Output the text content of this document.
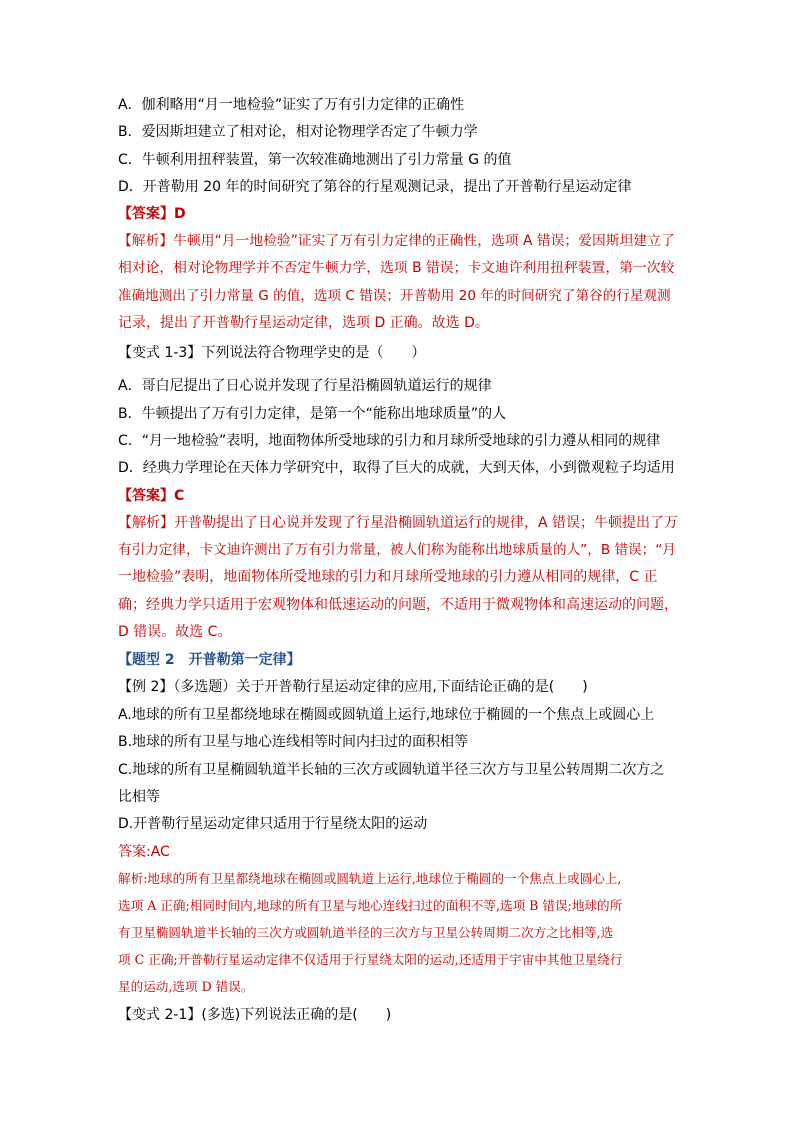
A．伽利略用“月一地检验”证实了万有引力定律的正确性
B．爱因斯坦建立了相对论，相对论物理学否定了牛顿力学
C．牛顿利用扭秤装置，第一次较准确地测出了引力常量 G 的值
D．开普勒用 20 年的时间研究了第谷的行星观测记录，提出了开普勒行星运动定律
【答案】D
【解析】牛顿用“月一地检验”证实了万有引力定律的正确性，选项 A 错误；爱因斯坦建立了
相对论，相对论物理学并不否定牛顿力学，选项 B 错误；卡文迪许利用扭秤装置，第一次较
准确地测出了引力常量 G 的值，选项 C 错误；开普勒用 20 年的时间研究了第谷的行星观测
记录，提出了开普勒行星运动定律，选项 D 正确。故选 D。
【变式 1-3】下列说法符合物理学史的是（　　）
A．哥白尼提出了日心说并发现了行星沿椭圆轨道运行的规律
B．牛顿提出了万有引力定律，是第一个“能称出地球质量”的人
C．“月一地检验”表明，地面物体所受地球的引力和月球所受地球的引力遵从相同的规律
D．经典力学理论在天体力学研究中，取得了巨大的成就，大到天体，小到微观粒子均适用
【答案】C
【解析】开普勒提出了日心说并发现了行星沿椭圆轨道运行的规律，A 错误；牛顿提出了万
有引力定律，卡文迪许测出了万有引力常量，被人们称为能称出地球质量的人”，B 错误；“月
一地检验”表明，地面物体所受地球的引力和月球所受地球的引力遵从相同的规律，C 正
确；经典力学只适用于宏观物体和低速运动的问题，不适用于微观物体和高速运动的问题，
D 错误。故选 C。
【题型 2　开普勒第一定律】
【例 2】（多选题）关于开普勒行星运动定律的应用,下面结论正确的是(　　)
A.地球的所有卫星都绕地球在椭圆或圆轨道上运行,地球位于椭圆的一个焦点上或圆心上
B.地球的所有卫星与地心连线相等时间内扫过的面积相等
C.地球的所有卫星椭圆轨道半长轴的三次方或圆轨道半径三次方与卫星公转周期二次方之
比相等
D.开普勒行星运动定律只适用于行星绕太阳的运动
答案:AC
解析:地球的所有卫星都绕地球在椭圆或圆轨道上运行,地球位于椭圆的一个焦点上或圆心上,
选项 A 正确;相同时间内,地球的所有卫星与地心连线扫过的面积不等,选项 B 错误;地球的所
有卫星椭圆轨道半长轴的三次方或圆轨道半径的三次方与卫星公转周期二次方之比相等,选
项 C 正确;开普勒行星运动定律不仅适用于行星绕太阳的运动,还适用于宇宙中其他卫星绕行
星的运动,选项 D 错误。
【变式 2-1】(多选)下列说法正确的是(　　)
